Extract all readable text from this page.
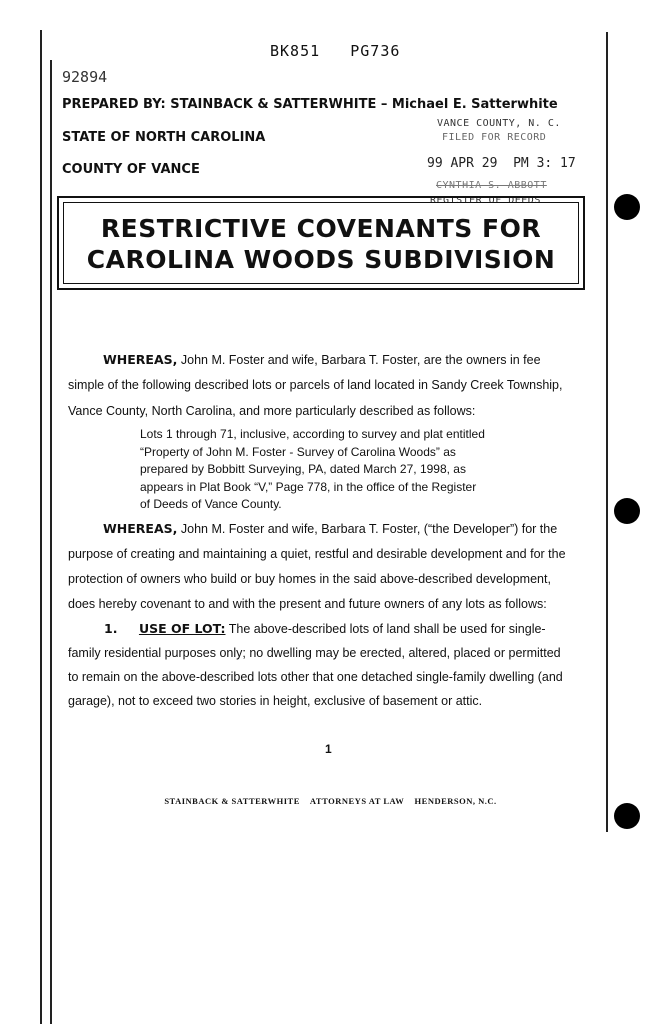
BK851   PG736
92894
PREPARED BY: STAINBACK & SATTERWHITE – Michael E. Satterwhite
STATE OF NORTH CAROLINA
COUNTY OF VANCE
VANCE COUNTY, N. C.
FILED FOR RECORD
99 APR 29  PM 3: 17
CYNTHIA S. ABBOTT
REGISTER OF DEEDS
RESTRICTIVE COVENANTS FOR
CAROLINA WOODS SUBDIVISION
WHEREAS, John M. Foster and wife, Barbara T. Foster, are the owners in fee
simple of the following described lots or parcels of land located in Sandy Creek Township,
Vance County, North Carolina, and more particularly described as follows:
Lots 1 through 71, inclusive, according to survey and plat entitled
“Property of John M. Foster - Survey of Carolina Woods” as
prepared by Bobbitt Surveying, PA, dated March 27, 1998, as
appears in Plat Book “V,” Page 778, in the office of the Register
of Deeds of Vance County.
WHEREAS, John M. Foster and wife, Barbara T. Foster, (“the Developer”) for the
purpose of creating and maintaining a quiet, restful and desirable development and for the
protection of owners who build or buy homes in the said above-described development,
does hereby covenant to and with the present and future owners of any lots as follows:
1. USE OF LOT: The above-described lots of land shall be used for single-
family residential purposes only; no dwelling may be erected, altered, placed or permitted
to remain on the above-described lots other that one detached single-family dwelling (and
garage), not to exceed two stories in height, exclusive of basement or attic.
1
STAINBACK & SATTERWHITE    ATTORNEYS AT LAW    HENDERSON, N.C.
